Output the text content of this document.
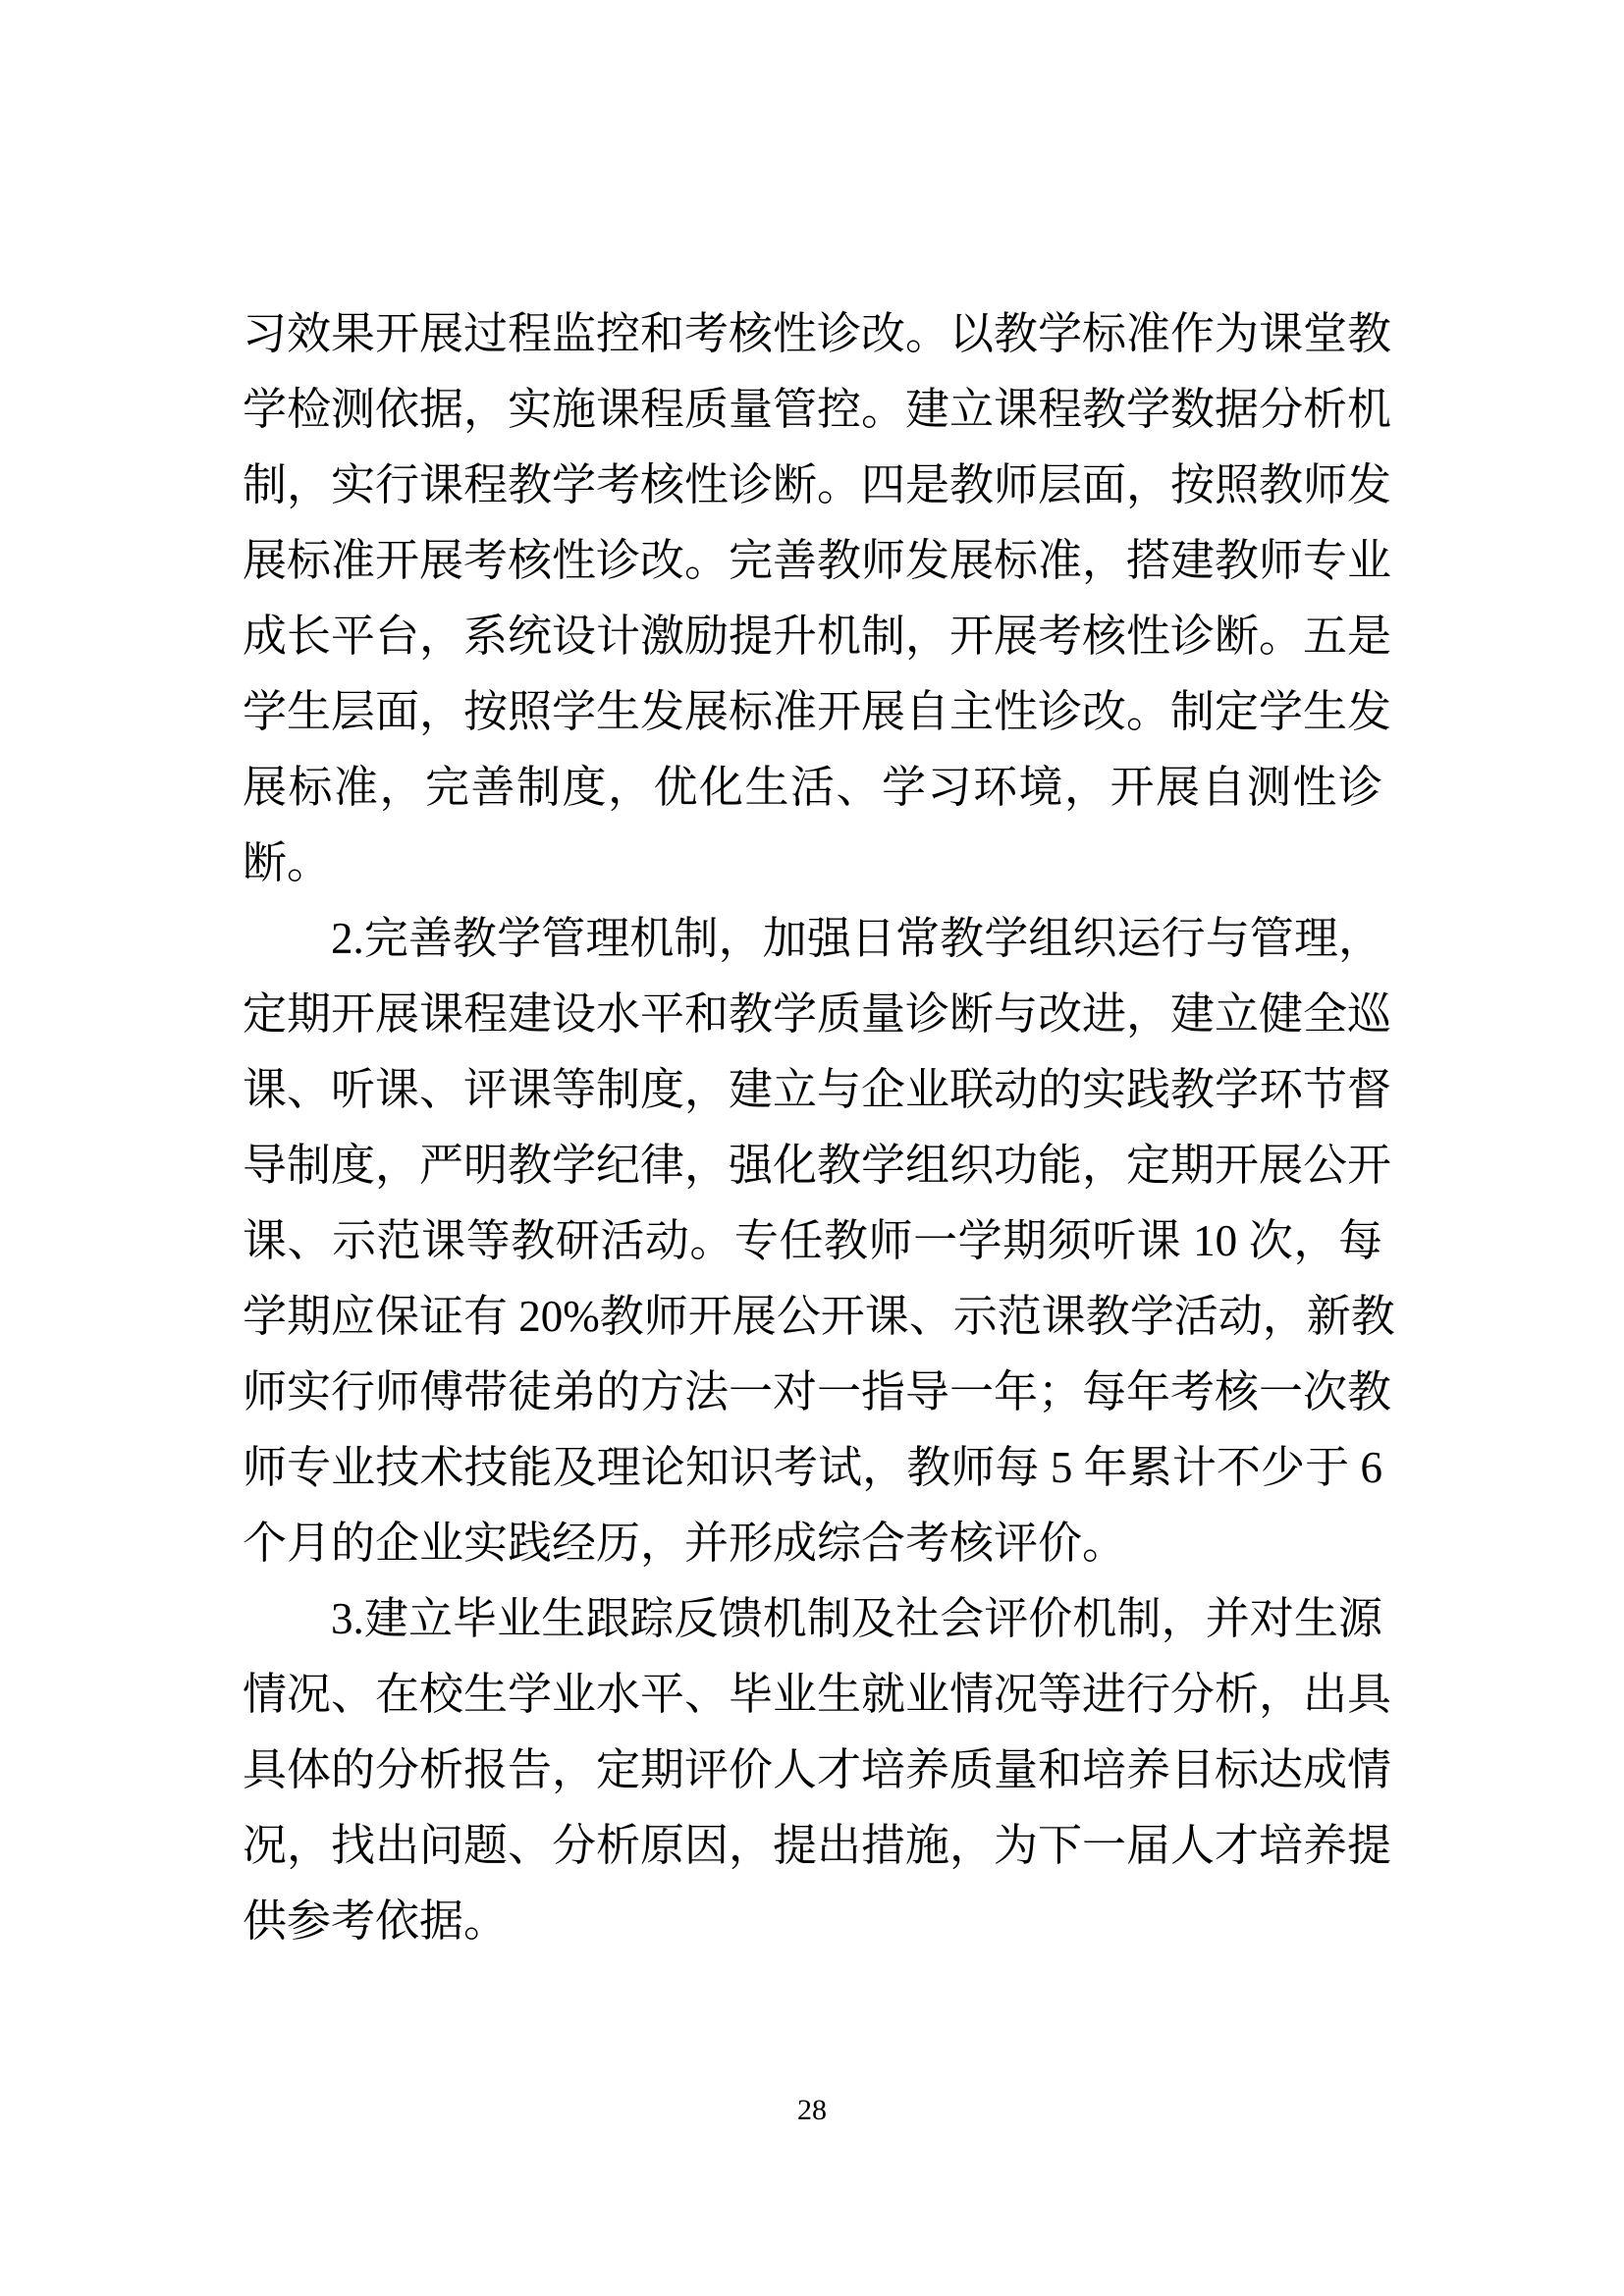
习效果开展过程监控和考核性诊改。以教学标准作为课堂教
学检测依据，实施课程质量管控。建立课程教学数据分析机
制，实行课程教学考核性诊断。四是教师层面，按照教师发
展标准开展考核性诊改。完善教师发展标准，搭建教师专业
成长平台，系统设计激励提升机制，开展考核性诊断。五是
学生层面，按照学生发展标准开展自主性诊改。制定学生发
展标准，完善制度，优化生活、学习环境，开展自测性诊
断。
2.完善教学管理机制，加强日常教学组织运行与管理，
定期开展课程建设水平和教学质量诊断与改进，建立健全巡
课、听课、评课等制度，建立与企业联动的实践教学环节督
导制度，严明教学纪律，强化教学组织功能，定期开展公开
课、示范课等教研活动。专任教师一学期须听课 10 次，每
学期应保证有 20%教师开展公开课、示范课教学活动，新教
师实行师傅带徒弟的方法一对一指导一年；每年考核一次教
师专业技术技能及理论知识考试，教师每 5 年累计不少于 6
个月的企业实践经历，并形成综合考核评价。
3.建立毕业生跟踪反馈机制及社会评价机制，并对生源
情况、在校生学业水平、毕业生就业情况等进行分析，出具
具体的分析报告，定期评价人才培养质量和培养目标达成情
况，找出问题、分析原因，提出措施，为下一届人才培养提
供参考依据。
28
